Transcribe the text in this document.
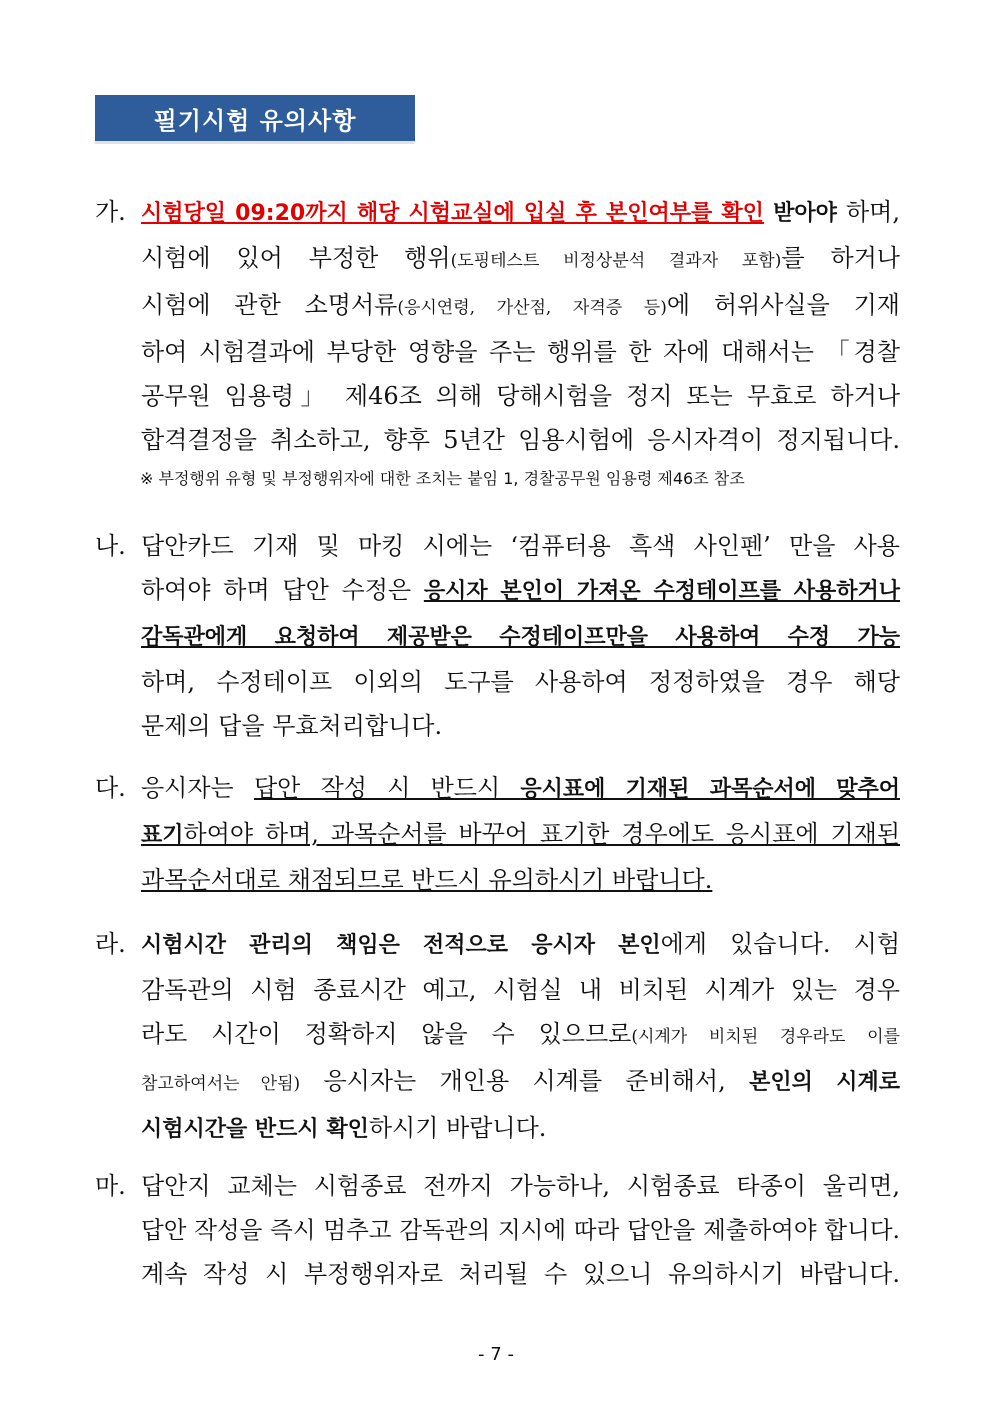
필기시험 유의사항
가. 시험당일 09:20까지 해당 시험교실에 입실 후 본인여부를 확인 받아야 하며,
시험에 있어 부정한 행위(도핑테스트 비정상분석 결과자 포함)를 하거나
시험에 관한 소명서류(응시연령, 가산점, 자격증 등)에 허위사실을 기재
하여 시험결과에 부당한 영향을 주는 행위를 한 자에 대해서는 「경찰
공무원 임용령」 제46조 의해 당해시험을 정지 또는 무효로 하거나
합격결정을 취소하고, 향후 5년간 임용시험에 응시자격이 정지됩니다.
※ 부정행위 유형 및 부정행위자에 대한 조치는 붙임 1, 경찰공무원 임용령 제46조 참조
나. 답안카드 기재 및 마킹 시에는 ‘컴퓨터용 흑색 사인펜’ 만을 사용
하여야 하며 답안 수정은 응시자 본인이 가져온 수정테이프를 사용하거나
감독관에게 요청하여 제공받은 수정테이프만을 사용하여 수정 가능
하며, 수정테이프 이외의 도구를 사용하여 정정하였을 경우 해당
문제의 답을 무효처리합니다.
다. 응시자는 답안 작성 시 반드시 응시표에 기재된 과목순서에 맞추어
표기하여야 하며, 과목순서를 바꾸어 표기한 경우에도 응시표에 기재된
과목순서대로 채점되므로 반드시 유의하시기 바랍니다.
라. 시험시간 관리의 책임은 전적으로 응시자 본인에게 있습니다. 시험
감독관의 시험 종료시간 예고, 시험실 내 비치된 시계가 있는 경우
라도 시간이 정확하지 않을 수 있으므로(시계가 비치된 경우라도 이를
참고하여서는 안됨) 응시자는 개인용 시계를 준비해서, 본인의 시계로
시험시간을 반드시 확인하시기 바랍니다.
마. 답안지 교체는 시험종료 전까지 가능하나, 시험종료 타종이 울리면,
답안 작성을 즉시 멈추고 감독관의 지시에 따라 답안을 제출하여야 합니다.
계속 작성 시 부정행위자로 처리될 수 있으니 유의하시기 바랍니다.
- 7 -
